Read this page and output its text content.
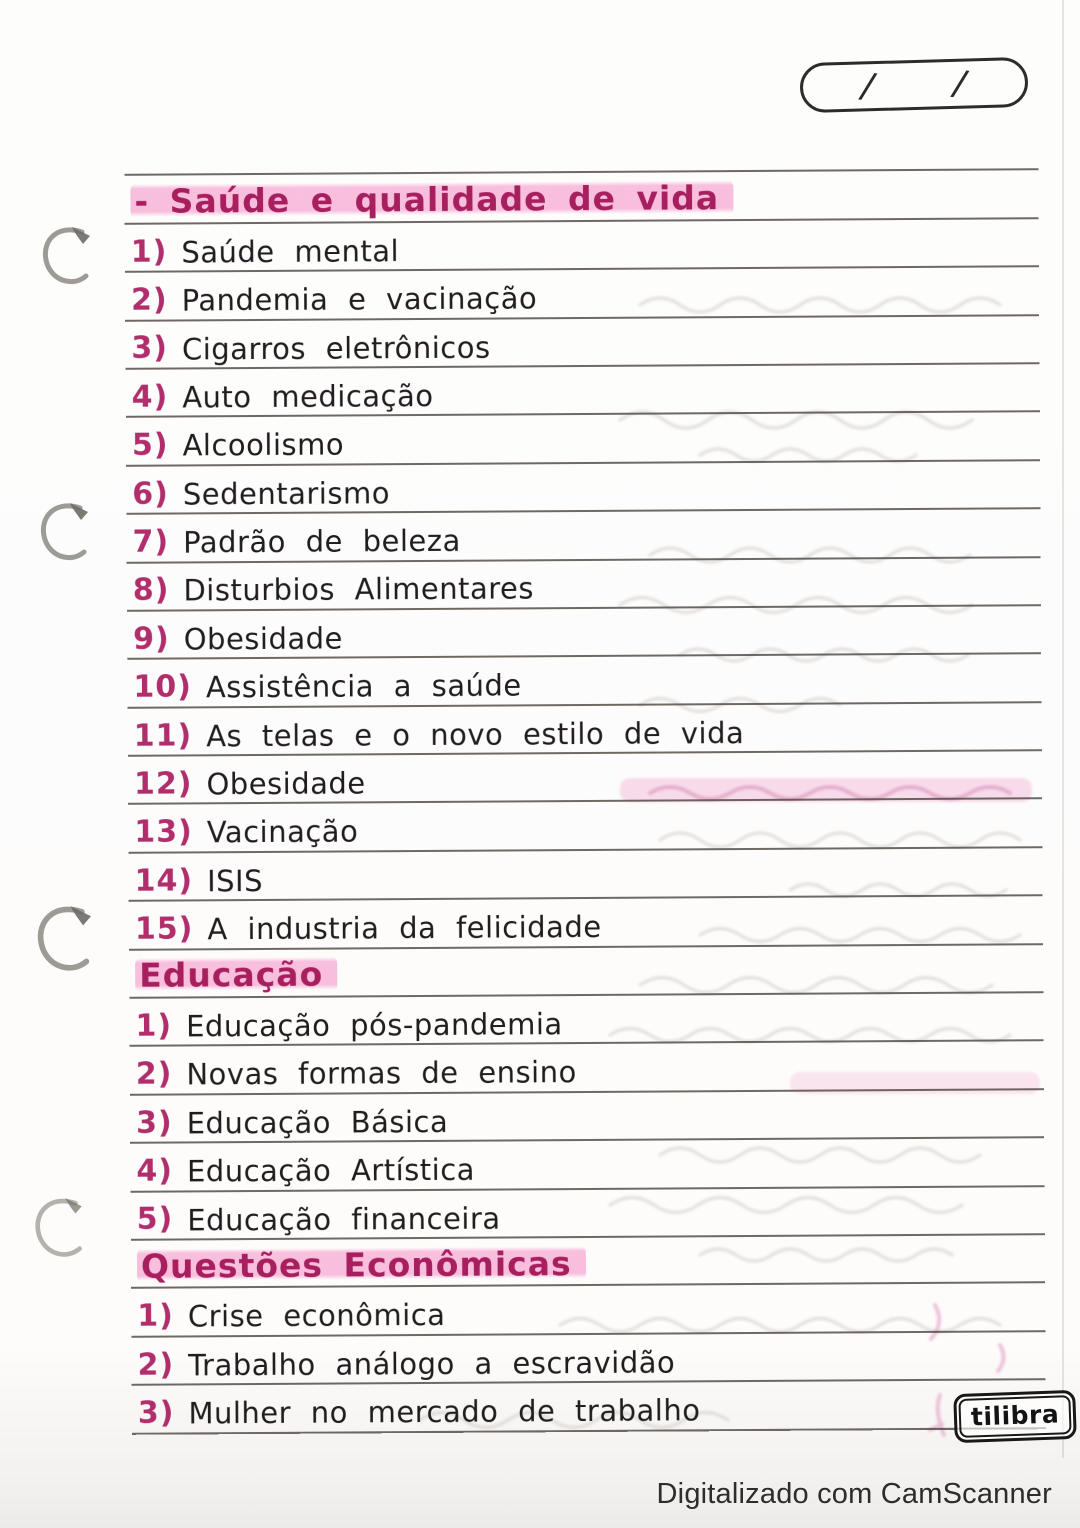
/ /
- Saúde e qualidade de vida
1) Saúde mental
2) Pandemia e vacinação
3) Cigarros eletrônicos
4) Auto medicação
5) Alcoolismo
6) Sedentarismo
7) Padrão de beleza
8) Disturbios Alimentares
9) Obesidade
10) Assistência a saúde
11) As telas e o novo estilo de vida
12) Obesidade
13) Vacinação
14) ISIS
15) A industria da felicidade
Educação
1) Educação pós-pandemia
2) Novas formas de ensino
3) Educação Básica
4) Educação Artística
5) Educação financeira
Questões Econômicas
1) Crise econômica
2) Trabalho análogo a escravidão
3) Mulher no mercado de trabalho	tilibra
Digitalizado com CamScanner
